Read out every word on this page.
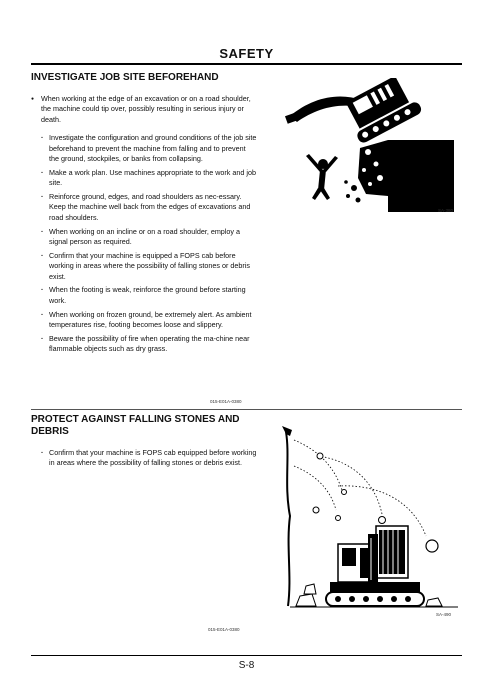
SAFETY
INVESTIGATE JOB SITE BEFOREHAND
● When working at the edge of an excavation or on a road shoulder, the machine could tip over, possibly resulting in serious injury or death.
· Investigate the configuration and ground conditions of the job site beforehand to prevent the machine from falling and to prevent the ground, stockpiles, or banks from collapsing.
· Make a work plan. Use machines appropriate to the work and job site.
· Reinforce ground, edges, and road shoulders as nec-essary. Keep the machine well back from the edges of excavations and road shoulders.
· When working on an incline or on a road shoulder, employ a signal person as required.
· Confirm that your machine is equipped a FOPS cab before working in areas where the possibility of falling stones or debris exist.
· When the footing is weak, reinforce the ground before starting work.
· When working on frozen ground, be extremely alert. As ambient temperatures rise, footing becomes loose and slippery.
· Beware the possibility of fire when operating the ma-chine near flammable objects such as dry grass.
SA-380
015-E01A-0380
PROTECT AGAINST FALLING STONES AND DEBRIS
· Confirm that your machine is FOPS cab equipped before working in areas where the possibility of falling stones or debris exist.
SA-490
015-E01A-0380
S-8
